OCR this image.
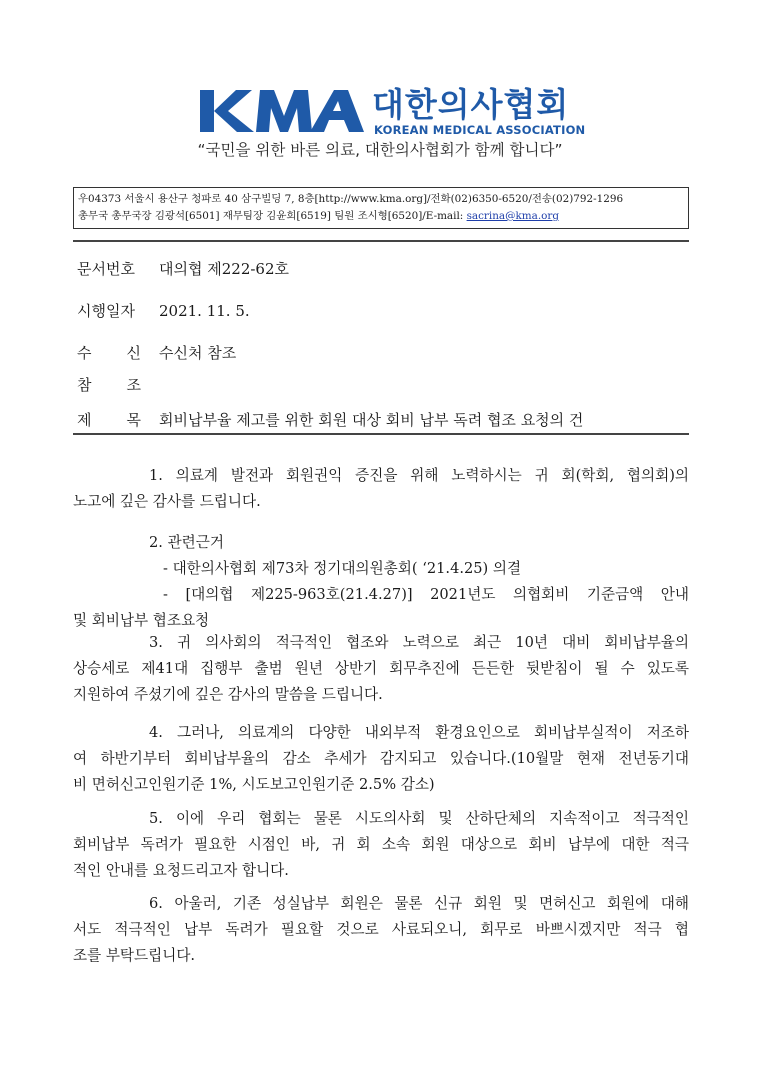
대한의사협회
KOREAN MEDICAL ASSOCIATION
“국민을 위한 바른 의료, 대한의사협회가 함께 합니다”
우04373 서울시 용산구 청파로 40 삼구빌딩 7, 8층[http://www.kma.org]/전화(02)6350-6520/전송(02)792-1296
총무국 총무국장 김광석[6501] 재무팀장 김윤희[6519] 팀원 조시형[6520]/E-mail: sacrina@kma.org
문서번호 대의협 제222-62호
시행일자 2021. 11. 5.
수 신 수신처 참조
참 조
제 목 회비납부율 제고를 위한 회원 대상 회비 납부 독려 협조 요청의 건
1. 의료계 발전과 회원권익 증진을 위해 노력하시는 귀 회(학회, 협의회)의
노고에 깊은 감사를 드립니다.
2. 관련근거
- 대한의사협회 제73차 정기대의원총회( ‘21.4.25) 의결
- [대의협 제225-963호(21.4.27)] 2021년도 의협회비 기준금액 안내
및 회비납부 협조요청
3. 귀 의사회의 적극적인 협조와 노력으로 최근 10년 대비 회비납부율의
상승세로 제41대 집행부 출범 원년 상반기 회무추진에 든든한 뒷받침이 될 수 있도록
지원하여 주셨기에 깊은 감사의 말씀을 드립니다.
4. 그러나, 의료계의 다양한 내외부적 환경요인으로 회비납부실적이 저조하
여 하반기부터 회비납부율의 감소 추세가 감지되고 있습니다.(10월말 현재 전년동기대
비 면허신고인원기준 1%, 시도보고인원기준 2.5% 감소)
5. 이에 우리 협회는 물론 시도의사회 및 산하단체의 지속적이고 적극적인
회비납부 독려가 필요한 시점인 바, 귀 회 소속 회원 대상으로 회비 납부에 대한 적극
적인 안내를 요청드리고자 합니다.
6. 아울러, 기존 성실납부 회원은 물론 신규 회원 및 면허신고 회원에 대해
서도 적극적인 납부 독려가 필요할 것으로 사료되오니, 회무로 바쁘시겠지만 적극 협
조를 부탁드립니다.
